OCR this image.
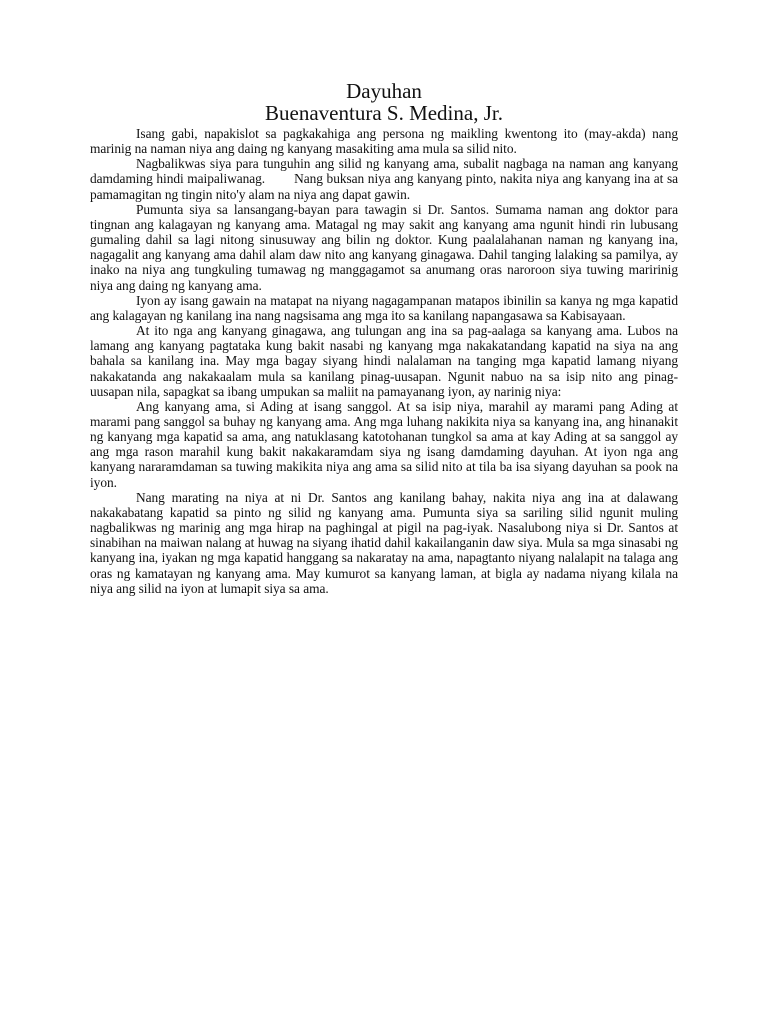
Dayuhan
Buenaventura S. Medina, Jr.

Isang gabi, napakislot sa pagkakahiga ang persona ng maikling kwentong ito (may-akda) nang marinig na naman niya ang daing ng kanyang masakiting ama mula sa silid nito.

Nagbalikwas siya para tunguhin ang silid ng kanyang ama, subalit nagbaga na naman ang kanyang damdaming hindi maipaliwanag.        Nang buksan niya ang kanyang pinto, nakita niya ang kanyang ina at sa pamamagitan ng tingin nito'y alam na niya ang dapat gawin.

Pumunta siya sa lansangang-bayan para tawagin si Dr. Santos. Sumama naman ang doktor para tingnan ang kalagayan ng kanyang ama. Matagal ng may sakit ang kanyang ama ngunit hindi rin lubusang gumaling dahil sa lagi nitong sinusuway ang bilin ng doktor. Kung paalalahanan naman ng kanyang ina, nagagalit ang kanyang ama dahil alam daw nito ang kanyang ginagawa. Dahil tanging lalaking sa pamilya, ay inako na niya ang tungkuling tumawag ng manggagamot sa anumang oras naroroon siya tuwing maririnig niya ang daing ng kanyang ama.

Iyon ay isang gawain na matapat na niyang nagagampanan matapos ibinilin sa kanya ng mga kapatid ang kalagayan ng kanilang ina nang nagsisama ang mga ito sa kanilang napangasawa sa Kabisayaan.

At ito nga ang kanyang ginagawa, ang tulungan ang ina sa pag-aalaga sa kanyang ama. Lubos na lamang ang kanyang pagtataka kung bakit nasabi ng kanyang mga nakakatandang kapatid na siya na ang bahala sa kanilang ina. May mga bagay siyang hindi nalalaman na tanging mga kapatid lamang niyang nakakatanda ang nakakaalam mula sa kanilang pinag-uusapan. Ngunit nabuo na sa isip nito ang pinag-uusapan nila, sapagkat sa ibang umpukan sa maliit na pamayanang iyon, ay narinig niya:

Ang kanyang ama, si Ading at isang sanggol. At sa isip niya, marahil ay marami pang Ading at marami pang sanggol sa buhay ng kanyang ama. Ang mga luhang nakikita niya sa kanyang ina, ang hinanakit ng kanyang mga kapatid sa ama, ang natuklasang katotohanan tungkol sa ama at kay Ading at sa sanggol ay ang mga rason marahil kung bakit nakakaramdam siya ng isang damdaming dayuhan. At iyon nga ang kanyang nararamdaman sa tuwing makikita niya ang ama sa silid nito at tila ba isa siyang dayuhan sa pook na iyon.

Nang marating na niya at ni Dr. Santos ang kanilang bahay, nakita niya ang ina at dalawang nakakabatang kapatid sa pinto ng silid ng kanyang ama. Pumunta siya sa sariling silid ngunit muling nagbalikwas ng marinig ang mga hirap na paghingal at pigil na pag-iyak. Nasalubong niya si Dr. Santos at sinabihan na maiwan nalang at huwag na siyang ihatid dahil kakailanganin daw siya. Mula sa mga sinasabi ng kanyang ina, iyakan ng mga kapatid hanggang sa nakaratay na ama, napagtanto niyang nalalapit na talaga ang oras ng kamatayan ng kanyang ama. May kumurot sa kanyang laman, at bigla ay nadama niyang kilala na niya ang silid na iyon at lumapit siya sa ama.
